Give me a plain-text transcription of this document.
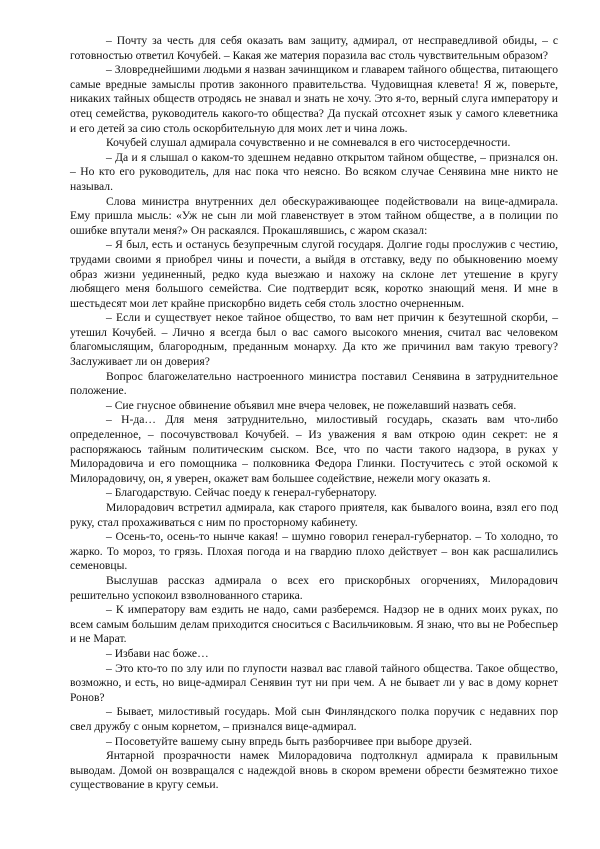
– Почту за честь для себя оказать вам защиту, адмирал, от несправедливой обиды, – с готовностью ответил Кочубей. – Какая же материя поразила вас столь чувствительным образом?

– Зловреднейшими людьми я назван зачинщиком и главарем тайного общества, питающего самые вредные замыслы против законного правительства. Чудовищная клевета! Я ж, поверьте, никаких тайных обществ отродясь не знавал и знать не хочу. Это я-то, верный слуга императору и отец семейства, руководитель какого-то общества? Да пускай отсохнет язык у самого клеветника и его детей за сию столь оскорбительную для моих лет и чина ложь.

Кочубей слушал адмирала сочувственно и не сомневался в его чистосердечности.

– Да и я слышал о каком-то здешнем недавно открытом тайном обществе, – признался он. – Но кто его руководитель, для нас пока что неясно. Во всяком случае Сенявина мне никто не называл.

Слова министра внутренних дел обескураживающее подействовали на вице-адмирала. Ему пришла мысль: «Уж не сын ли мой главенствует в этом тайном обществе, а в полиции по ошибке впутали меня?» Он раскаялся. Прокашлявшись, с жаром сказал:

– Я был, есть и останусь безупречным слугой государя. Долгие годы прослужив с честию, трудами своими я приобрел чины и почести, а выйдя в отставку, веду по обыкновению моему образ жизни уединенный, редко куда выезжаю и нахожу на склоне лет утешение в кругу любящего меня большого семейства. Сие подтвердит всяк, коротко знающий меня. И мне в шестьдесят мои лет крайне прискорбно видеть себя столь злостно очерненным.

– Если и существует некое тайное общество, то вам нет причин к безутешной скорби, – утешил Кочубей. – Лично я всегда был о вас самого высокого мнения, считал вас человеком благомыслящим, благородным, преданным монарху. Да кто же причинил вам такую тревогу? Заслуживает ли он доверия?

Вопрос благожелательно настроенного министра поставил Сенявина в затруднительное положение.

– Сие гнусное обвинение объявил мне вчера человек, не пожелавший назвать себя.

– Н-да… Для меня затруднительно, милостивый государь, сказать вам что-либо определенное, – посочувствовал Кочубей. – Из уважения я вам открою один секрет: не я распоряжаюсь тайным политическим сыском. Все, что по части такого надзора, в руках у Милорадовича и его помощника – полковника Федора Глинки. Постучитесь с этой оскомой к Милорадовичу, он, я уверен, окажет вам большее содействие, нежели могу оказать я.

– Благодарствую. Сейчас поеду к генерал-губернатору.

Милорадович встретил адмирала, как старого приятеля, как бывалого воина, взял его под руку, стал прохаживаться с ним по просторному кабинету.

– Осень-то, осень-то нынче какая! – шумно говорил генерал-губернатор. – То холодно, то жарко. То мороз, то грязь. Плохая погода и на гвардию плохо действует – вон как расшалились семеновцы.

Выслушав рассказ адмирала о всех его прискорбных огорчениях, Милорадович решительно успокоил взволнованного старика.

– К императору вам ездить не надо, сами разберемся. Надзор не в одних моих руках, по всем самым большим делам приходится сноситься с Васильчиковым. Я знаю, что вы не Робеспьер и не Марат.

– Избави нас боже…

– Это кто-то по злу или по глупости назвал вас главой тайного общества. Такое общество, возможно, и есть, но вице-адмирал Сенявин тут ни при чем. А не бывает ли у вас в дому корнет Ронов?

– Бывает, милостивый государь. Мой сын Финляндского полка поручик с недавних пор свел дружбу с оным корнетом, – признался вице-адмирал.

– Посоветуйте вашему сыну впредь быть разборчивее при выборе друзей.

Янтарной прозрачности намек Милорадовича подтолкнул адмирала к правильным выводам. Домой он возвращался с надеждой вновь в скором времени обрести безмятежно тихое существование в кругу семьи.
